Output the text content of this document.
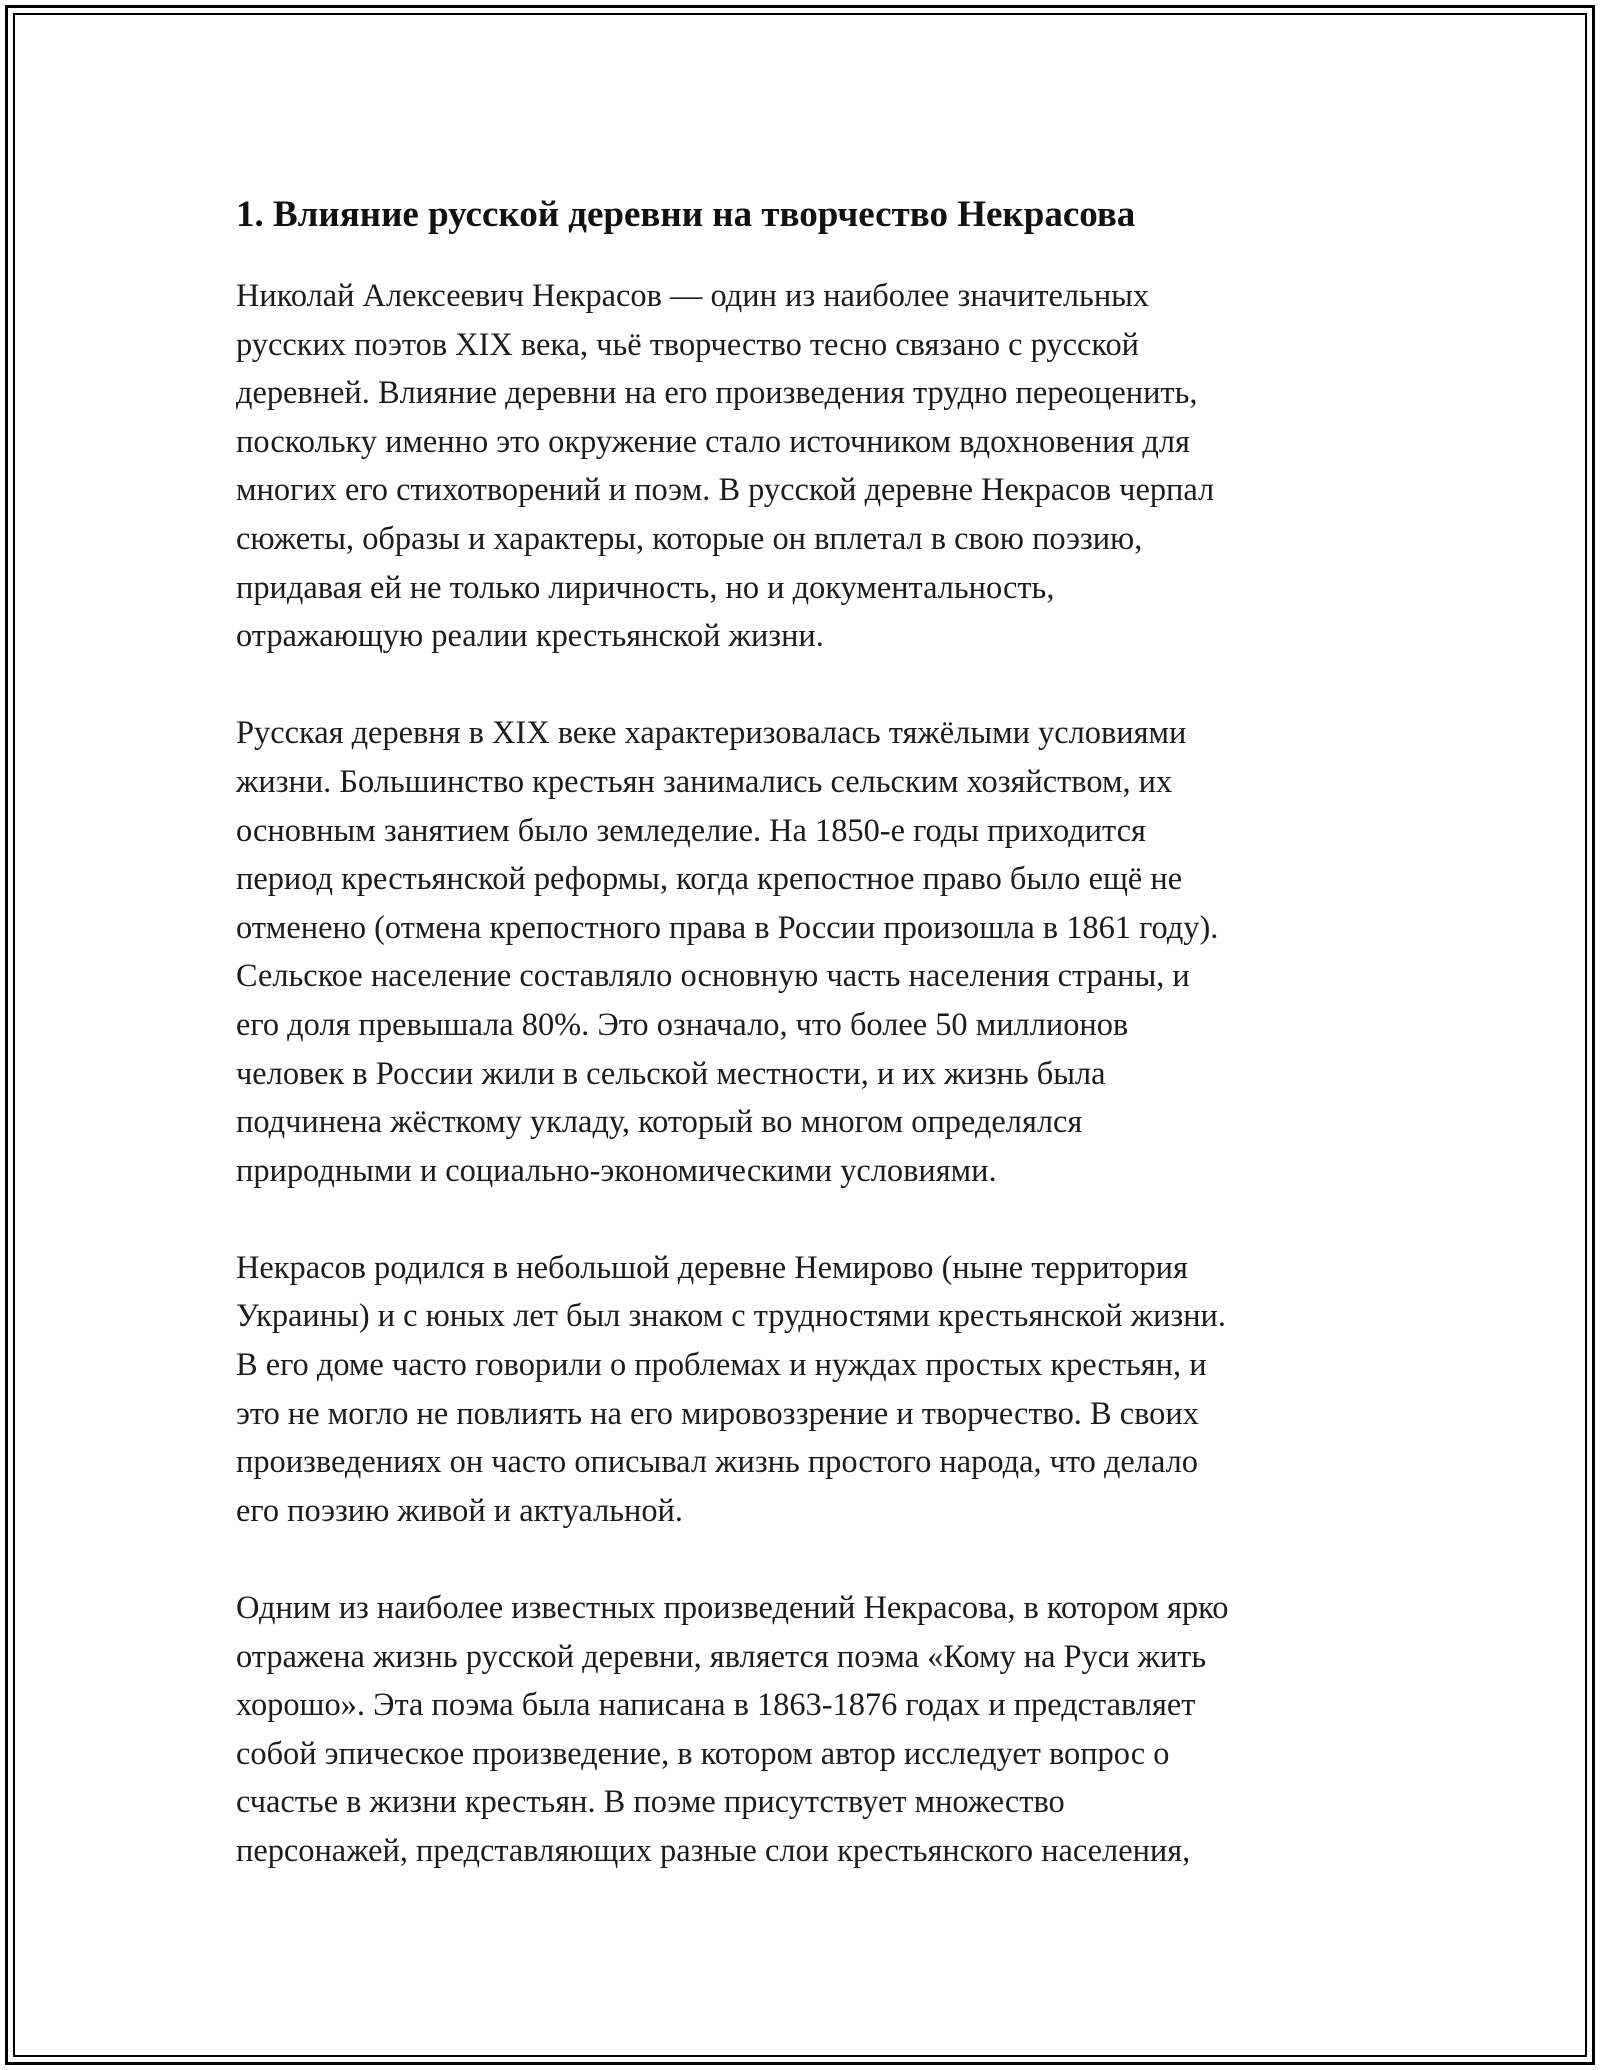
1. Влияние русской деревни на творчество Некрасова

Николай Алексеевич Некрасов — один из наиболее значительных
русских поэтов XIX века, чьё творчество тесно связано с русской
деревней. Влияние деревни на его произведения трудно переоценить,
поскольку именно это окружение стало источником вдохновения для
многих его стихотворений и поэм. В русской деревне Некрасов черпал
сюжеты, образы и характеры, которые он вплетал в свою поэзию,
придавая ей не только лиричность, но и документальность,
отражающую реалии крестьянской жизни.

Русская деревня в XIX веке характеризовалась тяжёлыми условиями
жизни. Большинство крестьян занимались сельским хозяйством, их
основным занятием было земледелие. На 1850-е годы приходится
период крестьянской реформы, когда крепостное право было ещё не
отменено (отмена крепостного права в России произошла в 1861 году).
Сельское население составляло основную часть населения страны, и
его доля превышала 80%. Это означало, что более 50 миллионов
человек в России жили в сельской местности, и их жизнь была
подчинена жёсткому укладу, который во многом определялся
природными и социально-экономическими условиями.

Некрасов родился в небольшой деревне Немирово (ныне территория
Украины) и с юных лет был знаком с трудностями крестьянской жизни.
В его доме часто говорили о проблемах и нуждах простых крестьян, и
это не могло не повлиять на его мировоззрение и творчество. В своих
произведениях он часто описывал жизнь простого народа, что делало
его поэзию живой и актуальной.

Одним из наиболее известных произведений Некрасова, в котором ярко
отражена жизнь русской деревни, является поэма «Кому на Руси жить
хорошо». Эта поэма была написана в 1863-1876 годах и представляет
собой эпическое произведение, в котором автор исследует вопрос о
счастье в жизни крестьян. В поэме присутствует множество
персонажей, представляющих разные слои крестьянского населения,
